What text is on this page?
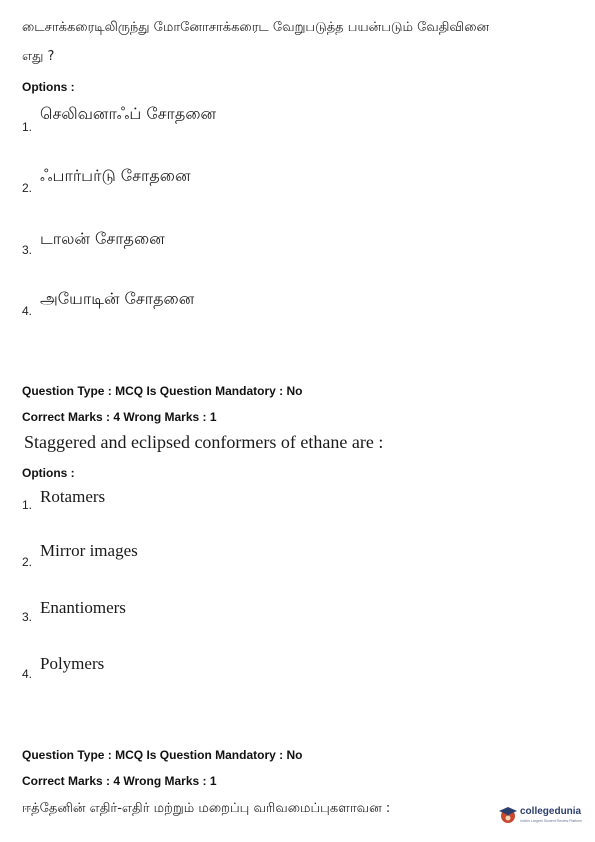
டைசாக்கரைடிலிருந்து மோனோசாக்கரைட வேறுபடுத்த பயன்படும் வேதிவினை
எது ?
Options :
1.
செலிவனாஃப் சோதனை
2.
ஃபார்பர்டு சோதனை
3.
டாலன் சோதனை
4.
அயோடின் சோதனை
Question Type : MCQ Is Question Mandatory : No
Correct Marks : 4 Wrong Marks : 1
Staggered and eclipsed conformers of ethane are :
Options :
1. Rotamers
2.
Mirror images
3. Enantiomers
4.
Polymers
Question Type : MCQ Is Question Mandatory : No
Correct Marks : 4 Wrong Marks : 1
ஈத்தேனின் எதிர்-எதிர் மற்றும் மறைப்பு வரிவமைப்புகளாவன :	collegedunia
India's Largest Student Review Platform
